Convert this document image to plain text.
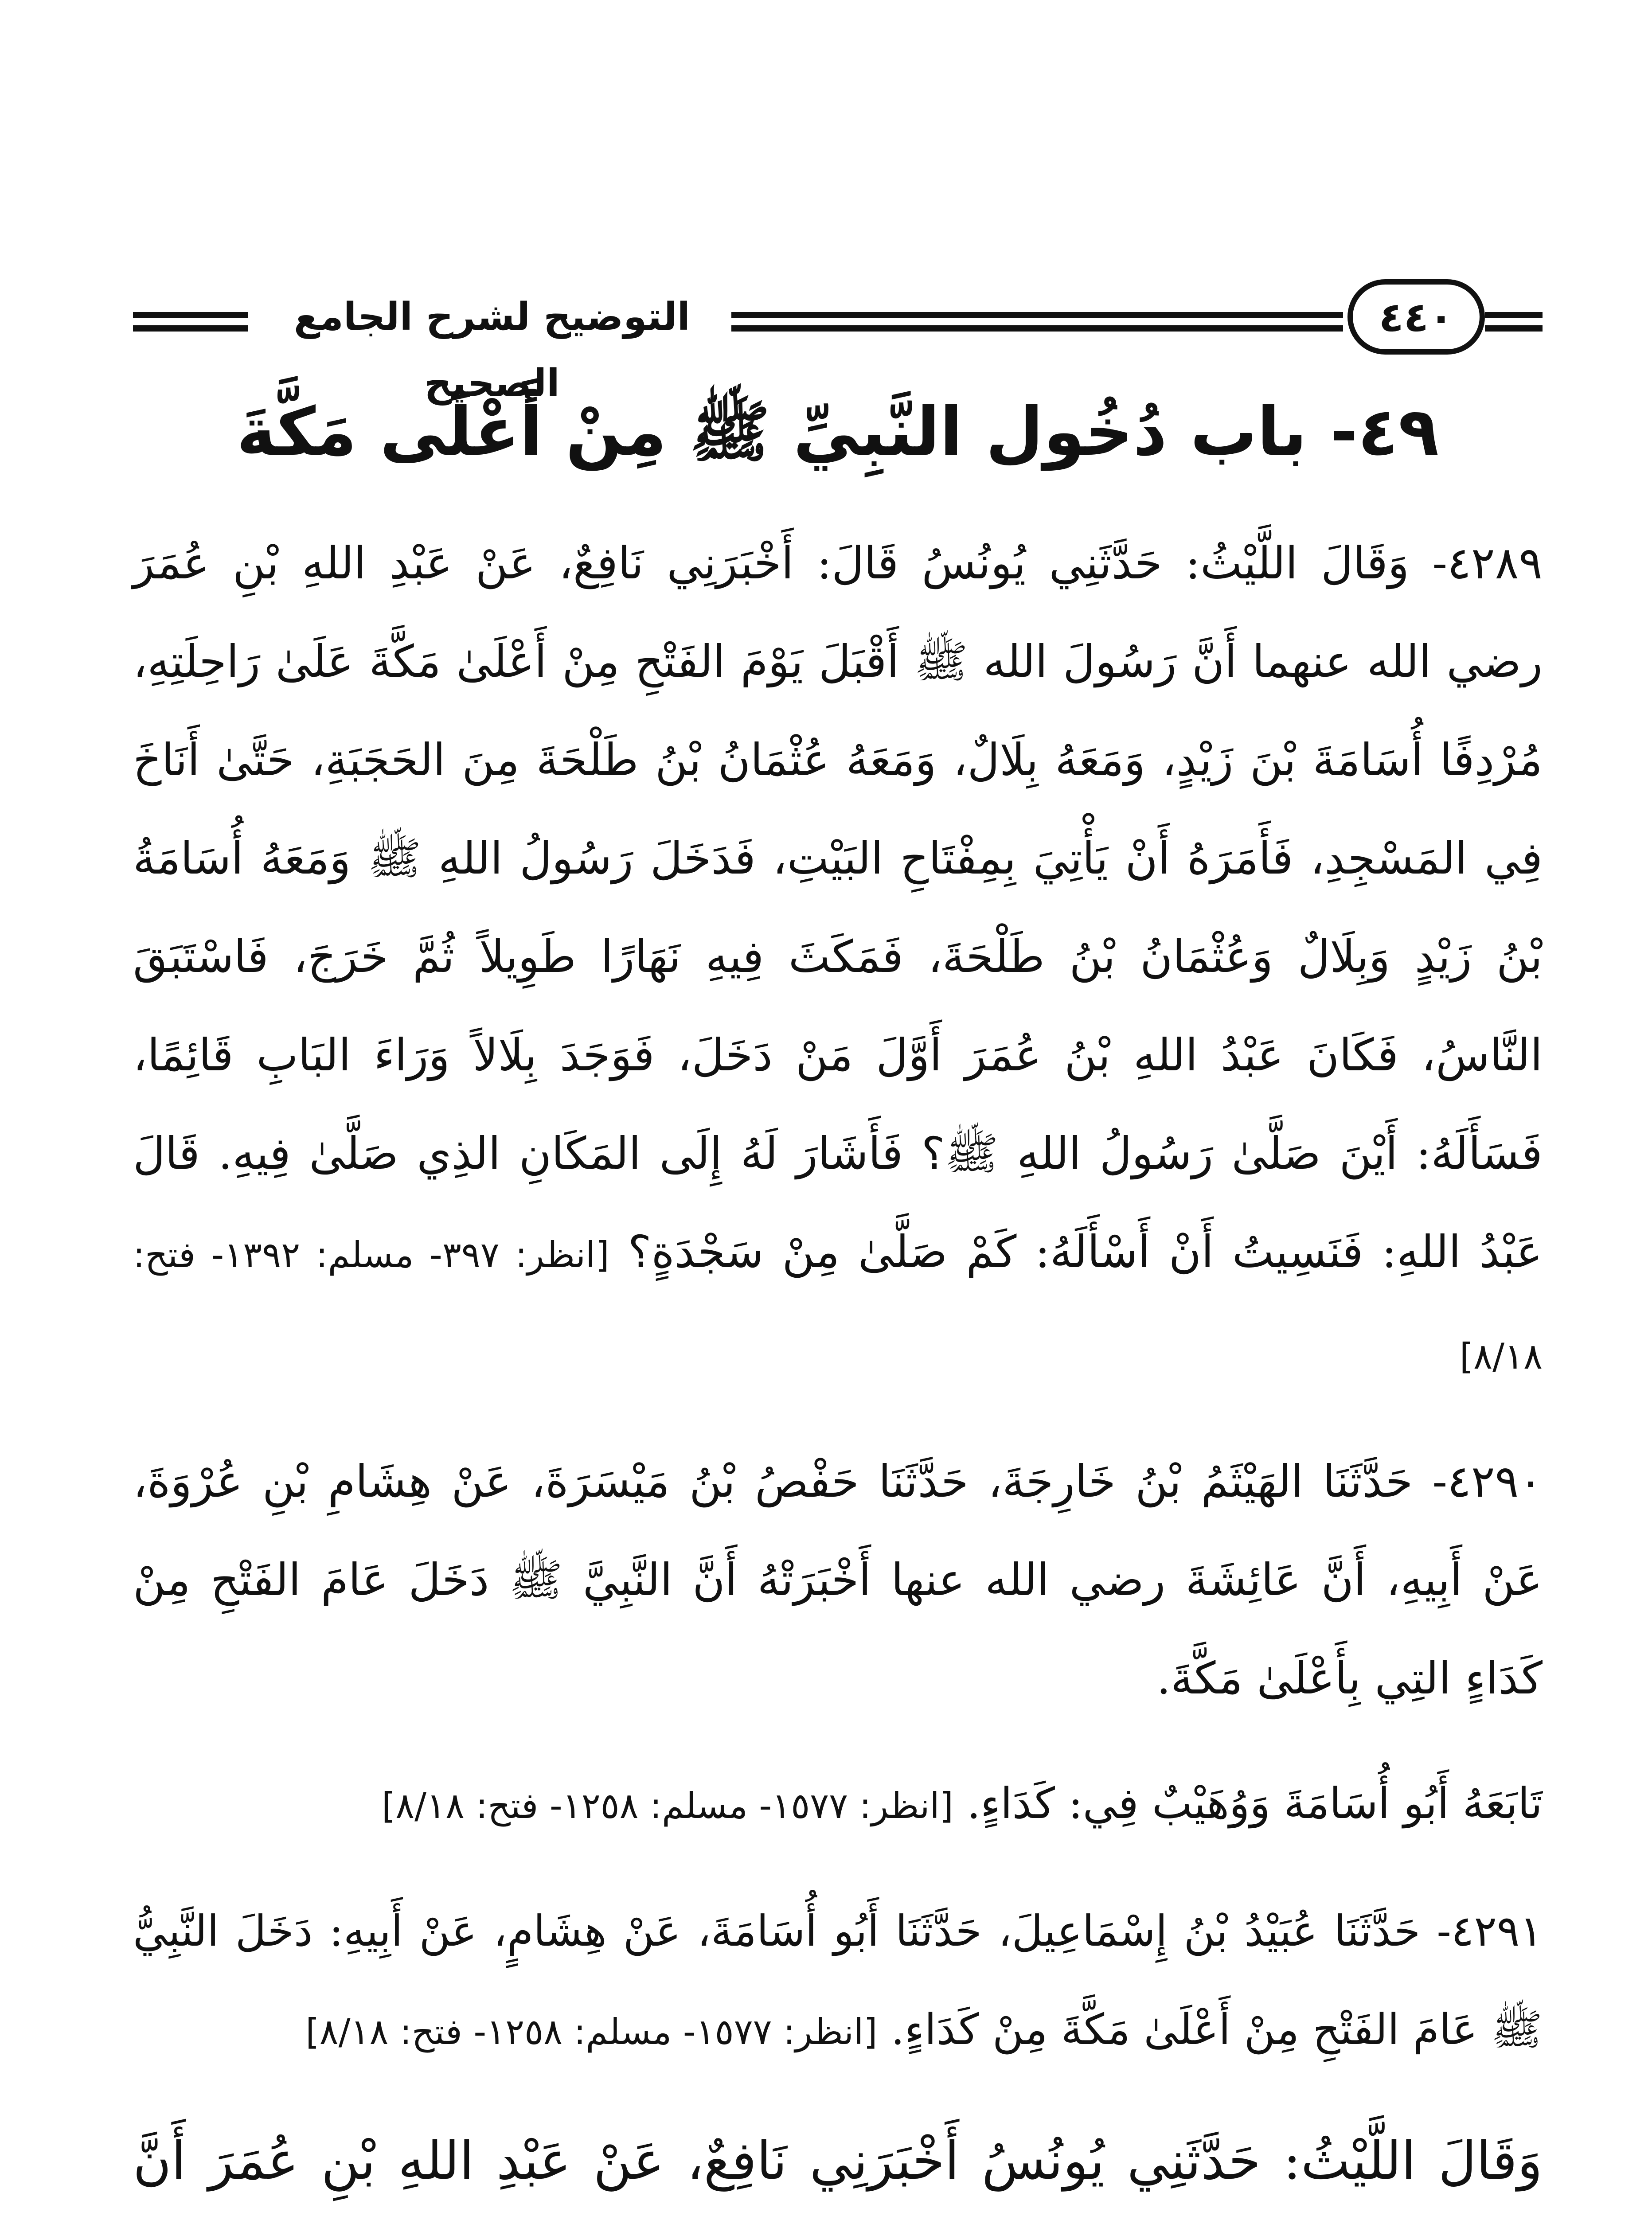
التوضيح لشرح الجامع الصحيح
٤٤٠
٤٩- باب دُخُول النَّبِيِّ ﷺ مِنْ أَعْلَى مَكَّةَ

٤٢٨٩- وَقَالَ اللَّيْثُ: حَدَّثَنِي يُونُسُ قَالَ: أَخْبَرَنِي نَافِعٌ، عَنْ عَبْدِ اللهِ بْنِ عُمَرَ رضي الله عنهما أَنَّ رَسُولَ الله ﷺ أَقْبَلَ يَوْمَ الفَتْحِ مِنْ أَعْلَىٰ مَكَّةَ عَلَىٰ رَاحِلَتِهِ، مُرْدِفًا أُسَامَةَ بْنَ زَيْدٍ، وَمَعَهُ بِلَالٌ، وَمَعَهُ عُثْمَانُ بْنُ طَلْحَةَ مِنَ الحَجَبَةِ، حَتَّىٰ أَنَاخَ فِي المَسْجِدِ، فَأَمَرَهُ أَنْ يَأْتِيَ بِمِفْتَاحِ البَيْتِ، فَدَخَلَ رَسُولُ اللهِ ﷺ وَمَعَهُ أُسَامَةُ بْنُ زَيْدٍ وَبِلَالٌ وَعُثْمَانُ بْنُ طَلْحَةَ، فَمَكَثَ فِيهِ نَهَارًا طَوِيلاً ثُمَّ خَرَجَ، فَاسْتَبَقَ النَّاسُ، فَكَانَ عَبْدُ اللهِ بْنُ عُمَرَ أَوَّلَ مَنْ دَخَلَ، فَوَجَدَ بِلَالاً وَرَاءَ البَابِ قَائِمًا، فَسَأَلَهُ: أَيْنَ صَلَّىٰ رَسُولُ اللهِ ﷺ؟ فَأَشَارَ لَهُ إِلَى المَكَانِ الذِي صَلَّىٰ فِيهِ. قَالَ عَبْدُ اللهِ: فَنَسِيتُ أَنْ أَسْأَلَهُ: كَمْ صَلَّىٰ مِنْ سَجْدَةٍ؟ [انظر: ٣٩٧- مسلم: ١٣٩٢- فتح: ٨/١٨]

٤٢٩٠- حَدَّثَنَا الهَيْثَمُ بْنُ خَارِجَةَ، حَدَّثَنَا حَفْصُ بْنُ مَيْسَرَةَ، عَنْ هِشَامِ بْنِ عُرْوَةَ، عَنْ أَبِيهِ، أَنَّ عَائِشَةَ رضي الله عنها أَخْبَرَتْهُ أَنَّ النَّبِيَّ ﷺ دَخَلَ عَامَ الفَتْحِ مِنْ كَدَاءٍ التِي بِأَعْلَىٰ مَكَّةَ.

تَابَعَهُ أَبُو أُسَامَةَ وَوُهَيْبٌ فِي: كَدَاءٍ. [انظر: ١٥٧٧- مسلم: ١٢٥٨- فتح: ٨/١٨]

٤٢٩١- حَدَّثَنَا عُبَيْدُ بْنُ إِسْمَاعِيلَ، حَدَّثَنَا أَبُو أُسَامَةَ، عَنْ هِشَامٍ، عَنْ أَبِيهِ: دَخَلَ النَّبِيُّ ﷺ عَامَ الفَتْحِ مِنْ أَعْلَىٰ مَكَّةَ مِنْ كَدَاءٍ. [انظر: ١٥٧٧- مسلم: ١٢٥٨- فتح: ٨/١٨]

وَقَالَ اللَّيْثُ: حَدَّثَنِي يُونُسُ أَخْبَرَنِي نَافِعٌ، عَنْ عَبْدِ اللهِ بْنِ عُمَرَ أَنَّ
